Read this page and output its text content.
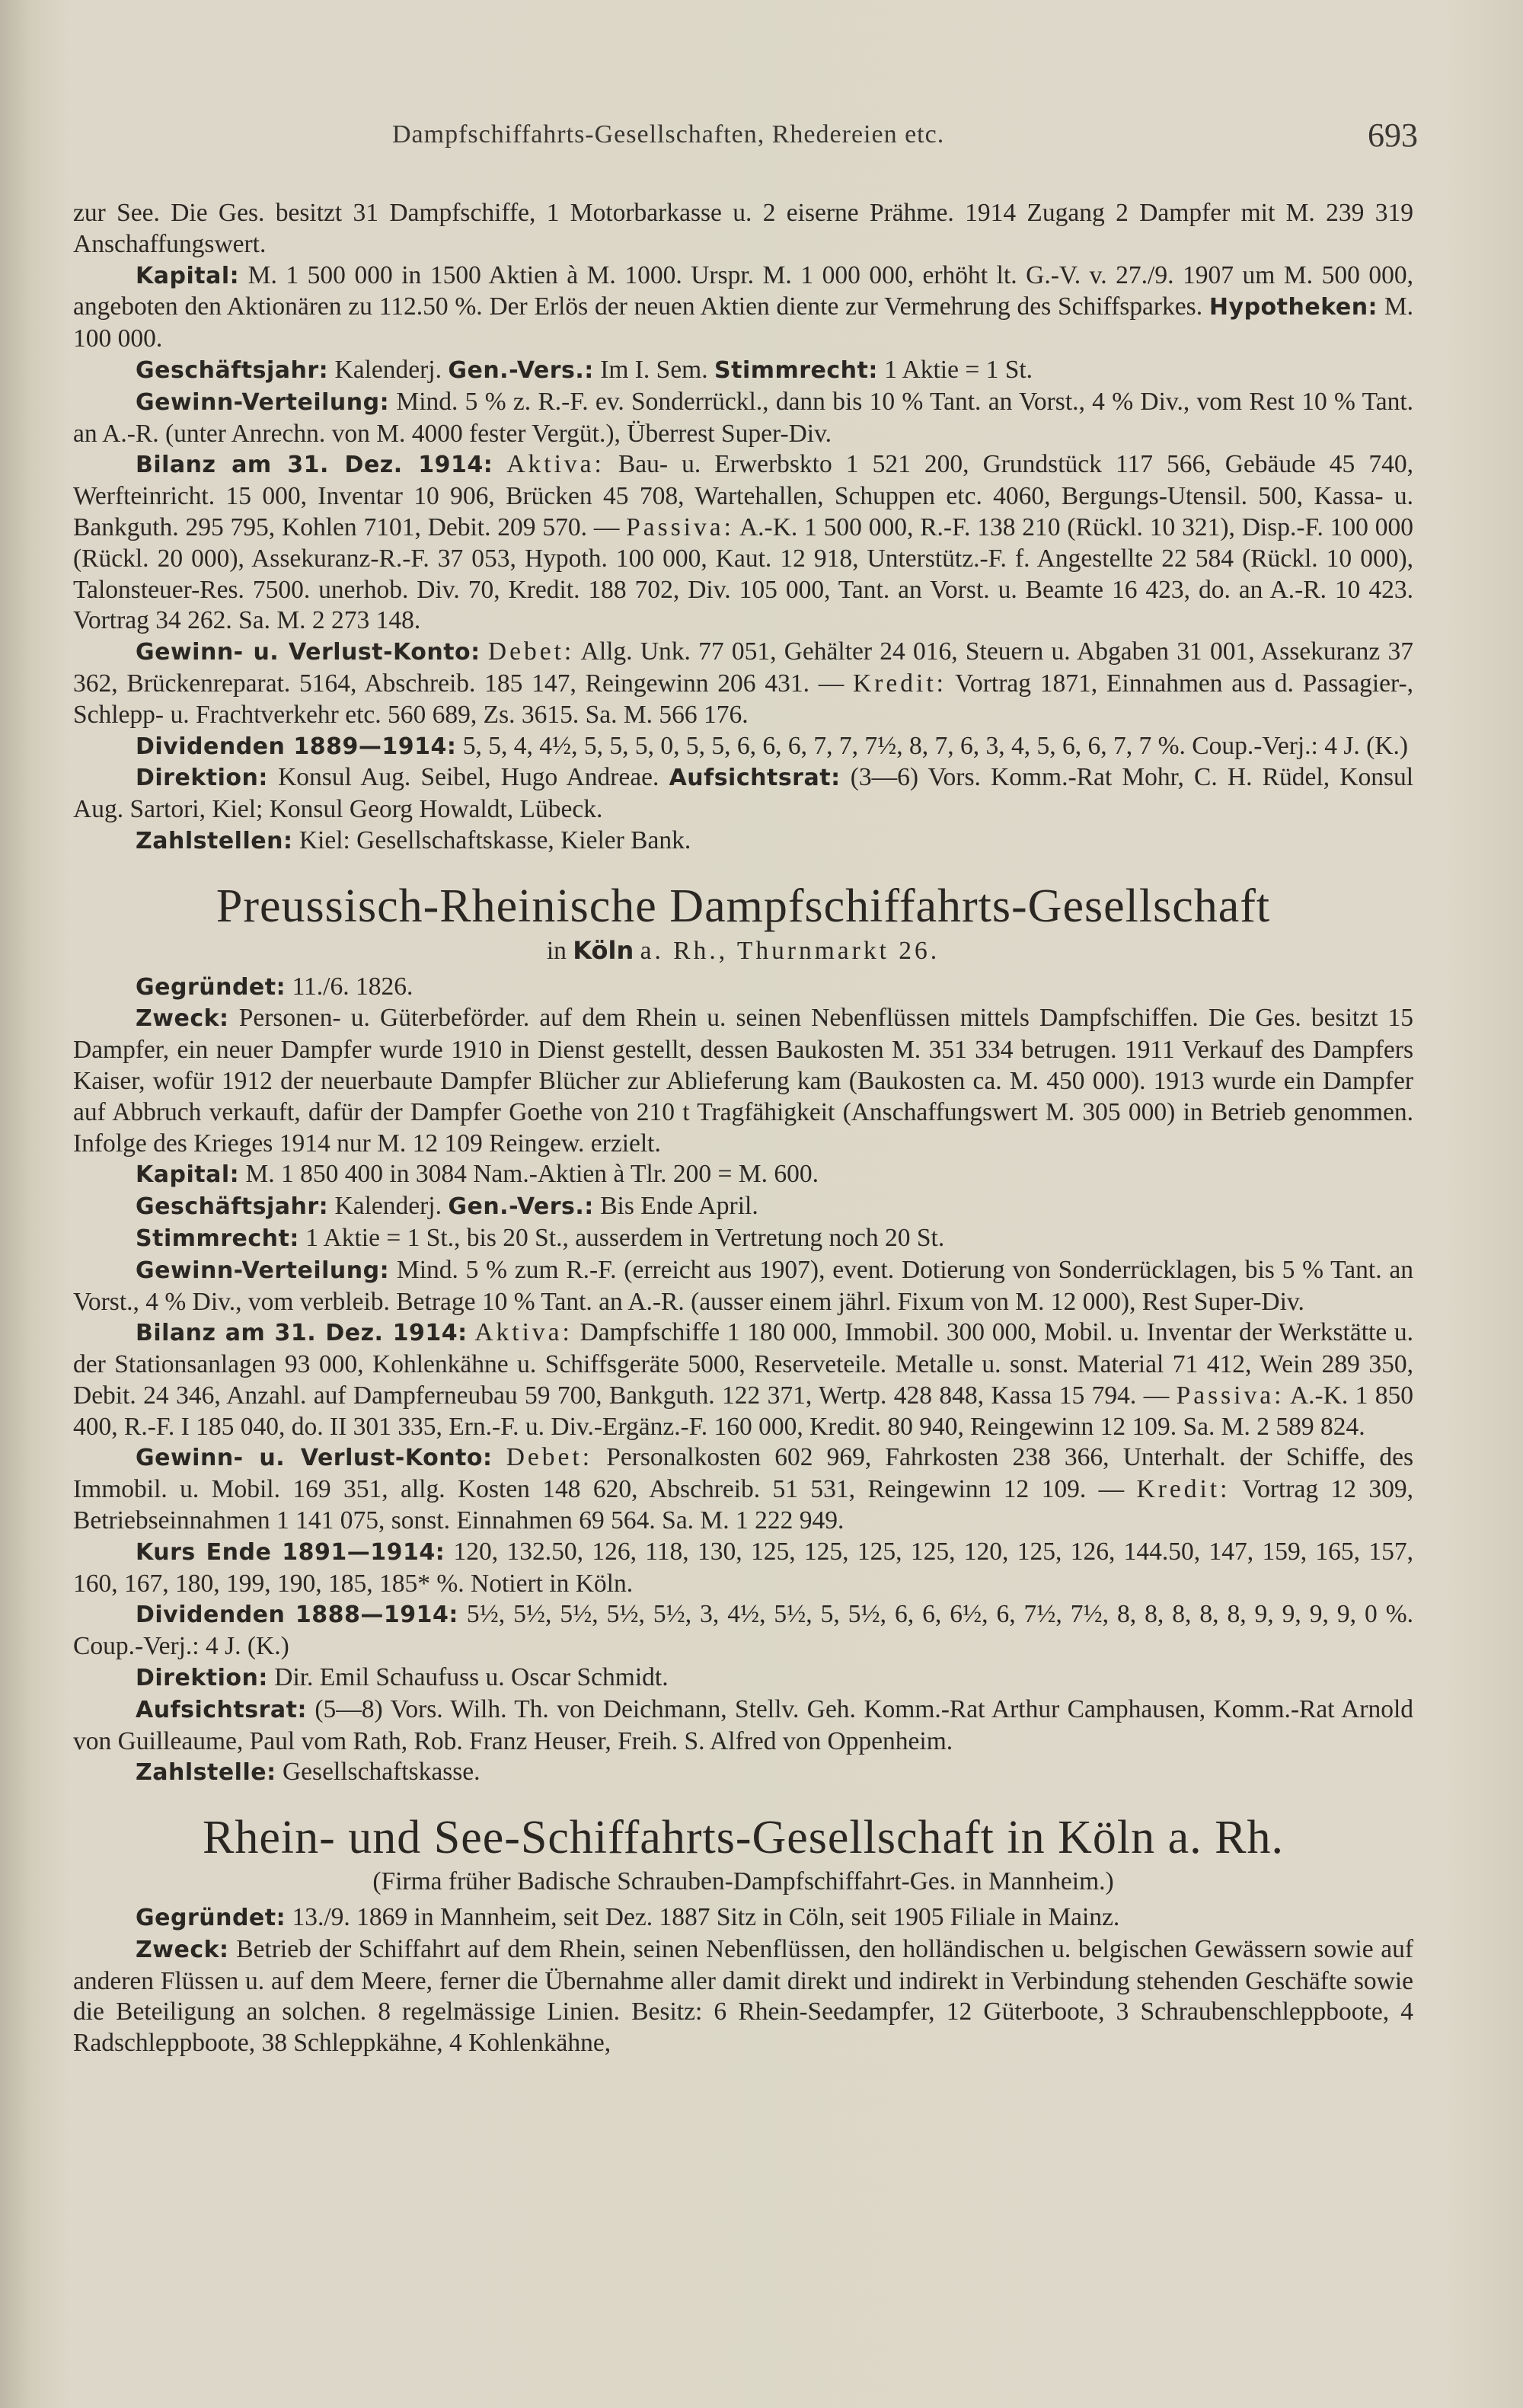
Dampfschiffahrts-Gesellschaften, Rhedereien etc.	693

zur See. Die Ges. besitzt 31 Dampfschiffe, 1 Motorbarkasse u. 2 eiserne Prähme. 1914 Zugang 2 Dampfer mit M. 239 319 Anschaffungswert.

Kapital: M. 1 500 000 in 1500 Aktien à M. 1000. Urspr. M. 1 000 000, erhöht lt. G.-V. v. 27./9. 1907 um M. 500 000, angeboten den Aktionären zu 112.50 %. Der Erlös der neuen Aktien diente zur Vermehrung des Schiffsparkes. Hypotheken: M. 100 000.

Geschäftsjahr: Kalenderj. Gen.-Vers.: Im I. Sem. Stimmrecht: 1 Aktie = 1 St.

Gewinn-Verteilung: Mind. 5 % z. R.-F. ev. Sonderrückl., dann bis 10 % Tant. an Vorst., 4 % Div., vom Rest 10 % Tant. an A.-R. (unter Anrechn. von M. 4000 fester Vergüt.), Überrest Super-Div.

Bilanz am 31. Dez. 1914: Aktiva: Bau- u. Erwerbskto 1 521 200, Grundstück 117 566, Gebäude 45 740, Werfteinricht. 15 000, Inventar 10 906, Brücken 45 708, Wartehallen, Schuppen etc. 4060, Bergungs-Utensil. 500, Kassa- u. Bankguth. 295 795, Kohlen 7101, Debit. 209 570. — Passiva: A.-K. 1 500 000, R.-F. 138 210 (Rückl. 10 321), Disp.-F. 100 000 (Rückl. 20 000), Assekuranz-R.-F. 37 053, Hypoth. 100 000, Kaut. 12 918, Unterstütz.-F. f. Angestellte 22 584 (Rückl. 10 000), Talonsteuer-Res. 7500. unerhob. Div. 70, Kredit. 188 702, Div. 105 000, Tant. an Vorst. u. Beamte 16 423, do. an A.-R. 10 423. Vortrag 34 262. Sa. M. 2 273 148.

Gewinn- u. Verlust-Konto: Debet: Allg. Unk. 77 051, Gehälter 24 016, Steuern u. Abgaben 31 001, Assekuranz 37 362, Brückenreparat. 5164, Abschreib. 185 147, Reingewinn 206 431. — Kredit: Vortrag 1871, Einnahmen aus d. Passagier-, Schlepp- u. Frachtverkehr etc. 560 689, Zs. 3615. Sa. M. 566 176.

Dividenden 1889—1914: 5, 5, 4, 4½, 5, 5, 5, 0, 5, 5, 6, 6, 6, 7, 7, 7½, 8, 7, 6, 3, 4, 5, 6, 6, 7, 7 %. Coup.-Verj.: 4 J. (K.)

Direktion: Konsul Aug. Seibel, Hugo Andreae. Aufsichtsrat: (3—6) Vors. Komm.-Rat Mohr, C. H. Rüdel, Konsul Aug. Sartori, Kiel; Konsul Georg Howaldt, Lübeck.

Zahlstellen: Kiel: Gesellschaftskasse, Kieler Bank.

Preussisch-Rheinische Dampfschiffahrts-Gesellschaft

in Köln a. Rh., Thurnmarkt 26.

Gegründet: 11./6. 1826.

Zweck: Personen- u. Güterbeförder. auf dem Rhein u. seinen Nebenflüssen mittels Dampfschiffen. Die Ges. besitzt 15 Dampfer, ein neuer Dampfer wurde 1910 in Dienst gestellt, dessen Baukosten M. 351 334 betrugen. 1911 Verkauf des Dampfers Kaiser, wofür 1912 der neuerbaute Dampfer Blücher zur Ablieferung kam (Baukosten ca. M. 450 000). 1913 wurde ein Dampfer auf Abbruch verkauft, dafür der Dampfer Goethe von 210 t Tragfähigkeit (Anschaffungswert M. 305 000) in Betrieb genommen. Infolge des Krieges 1914 nur M. 12 109 Reingew. erzielt.

Kapital: M. 1 850 400 in 3084 Nam.-Aktien à Tlr. 200 = M. 600.

Geschäftsjahr: Kalenderj. Gen.-Vers.: Bis Ende April.

Stimmrecht: 1 Aktie = 1 St., bis 20 St., ausserdem in Vertretung noch 20 St.

Gewinn-Verteilung: Mind. 5 % zum R.-F. (erreicht aus 1907), event. Dotierung von Sonderrücklagen, bis 5 % Tant. an Vorst., 4 % Div., vom verbleib. Betrage 10 % Tant. an A.-R. (ausser einem jährl. Fixum von M. 12 000), Rest Super-Div.

Bilanz am 31. Dez. 1914: Aktiva: Dampfschiffe 1 180 000, Immobil. 300 000, Mobil. u. Inventar der Werkstätte u. der Stationsanlagen 93 000, Kohlenkähne u. Schiffsgeräte 5000, Reserveteile. Metalle u. sonst. Material 71 412, Wein 289 350, Debit. 24 346, Anzahl. auf Dampferneubau 59 700, Bankguth. 122 371, Wertp. 428 848, Kassa 15 794. — Passiva: A.-K. 1 850 400, R.-F. I 185 040, do. II 301 335, Ern.-F. u. Div.-Ergänz.-F. 160 000, Kredit. 80 940, Reingewinn 12 109. Sa. M. 2 589 824.

Gewinn- u. Verlust-Konto: Debet: Personalkosten 602 969, Fahrkosten 238 366, Unterhalt. der Schiffe, des Immobil. u. Mobil. 169 351, allg. Kosten 148 620, Abschreib. 51 531, Reingewinn 12 109. — Kredit: Vortrag 12 309, Betriebseinnahmen 1 141 075, sonst. Einnahmen 69 564. Sa. M. 1 222 949.

Kurs Ende 1891—1914: 120, 132.50, 126, 118, 130, 125, 125, 125, 125, 120, 125, 126, 144.50, 147, 159, 165, 157, 160, 167, 180, 199, 190, 185, 185* %. Notiert in Köln.

Dividenden 1888—1914: 5½, 5½, 5½, 5½, 5½, 3, 4½, 5½, 5, 5½, 6, 6, 6½, 6, 7½, 7½, 8, 8, 8, 8, 8, 9, 9, 9, 9, 0 %. Coup.-Verj.: 4 J. (K.)

Direktion: Dir. Emil Schaufuss u. Oscar Schmidt.

Aufsichtsrat: (5—8) Vors. Wilh. Th. von Deichmann, Stellv. Geh. Komm.-Rat Arthur Camphausen, Komm.-Rat Arnold von Guilleaume, Paul vom Rath, Rob. Franz Heuser, Freih. S. Alfred von Oppenheim.

Zahlstelle: Gesellschaftskasse.

Rhein- und See-Schiffahrts-Gesellschaft in Köln a. Rh.

(Firma früher Badische Schrauben-Dampfschiffahrt-Ges. in Mannheim.)

Gegründet: 13./9. 1869 in Mannheim, seit Dez. 1887 Sitz in Cöln, seit 1905 Filiale in Mainz.

Zweck: Betrieb der Schiffahrt auf dem Rhein, seinen Nebenflüssen, den holländischen u. belgischen Gewässern sowie auf anderen Flüssen u. auf dem Meere, ferner die Übernahme aller damit direkt und indirekt in Verbindung stehenden Geschäfte sowie die Beteiligung an solchen. 8 regelmässige Linien. Besitz: 6 Rhein-Seedampfer, 12 Güterboote, 3 Schraubenschleppboote, 4 Radschleppboote, 38 Schleppkähne, 4 Kohlenkähne,
